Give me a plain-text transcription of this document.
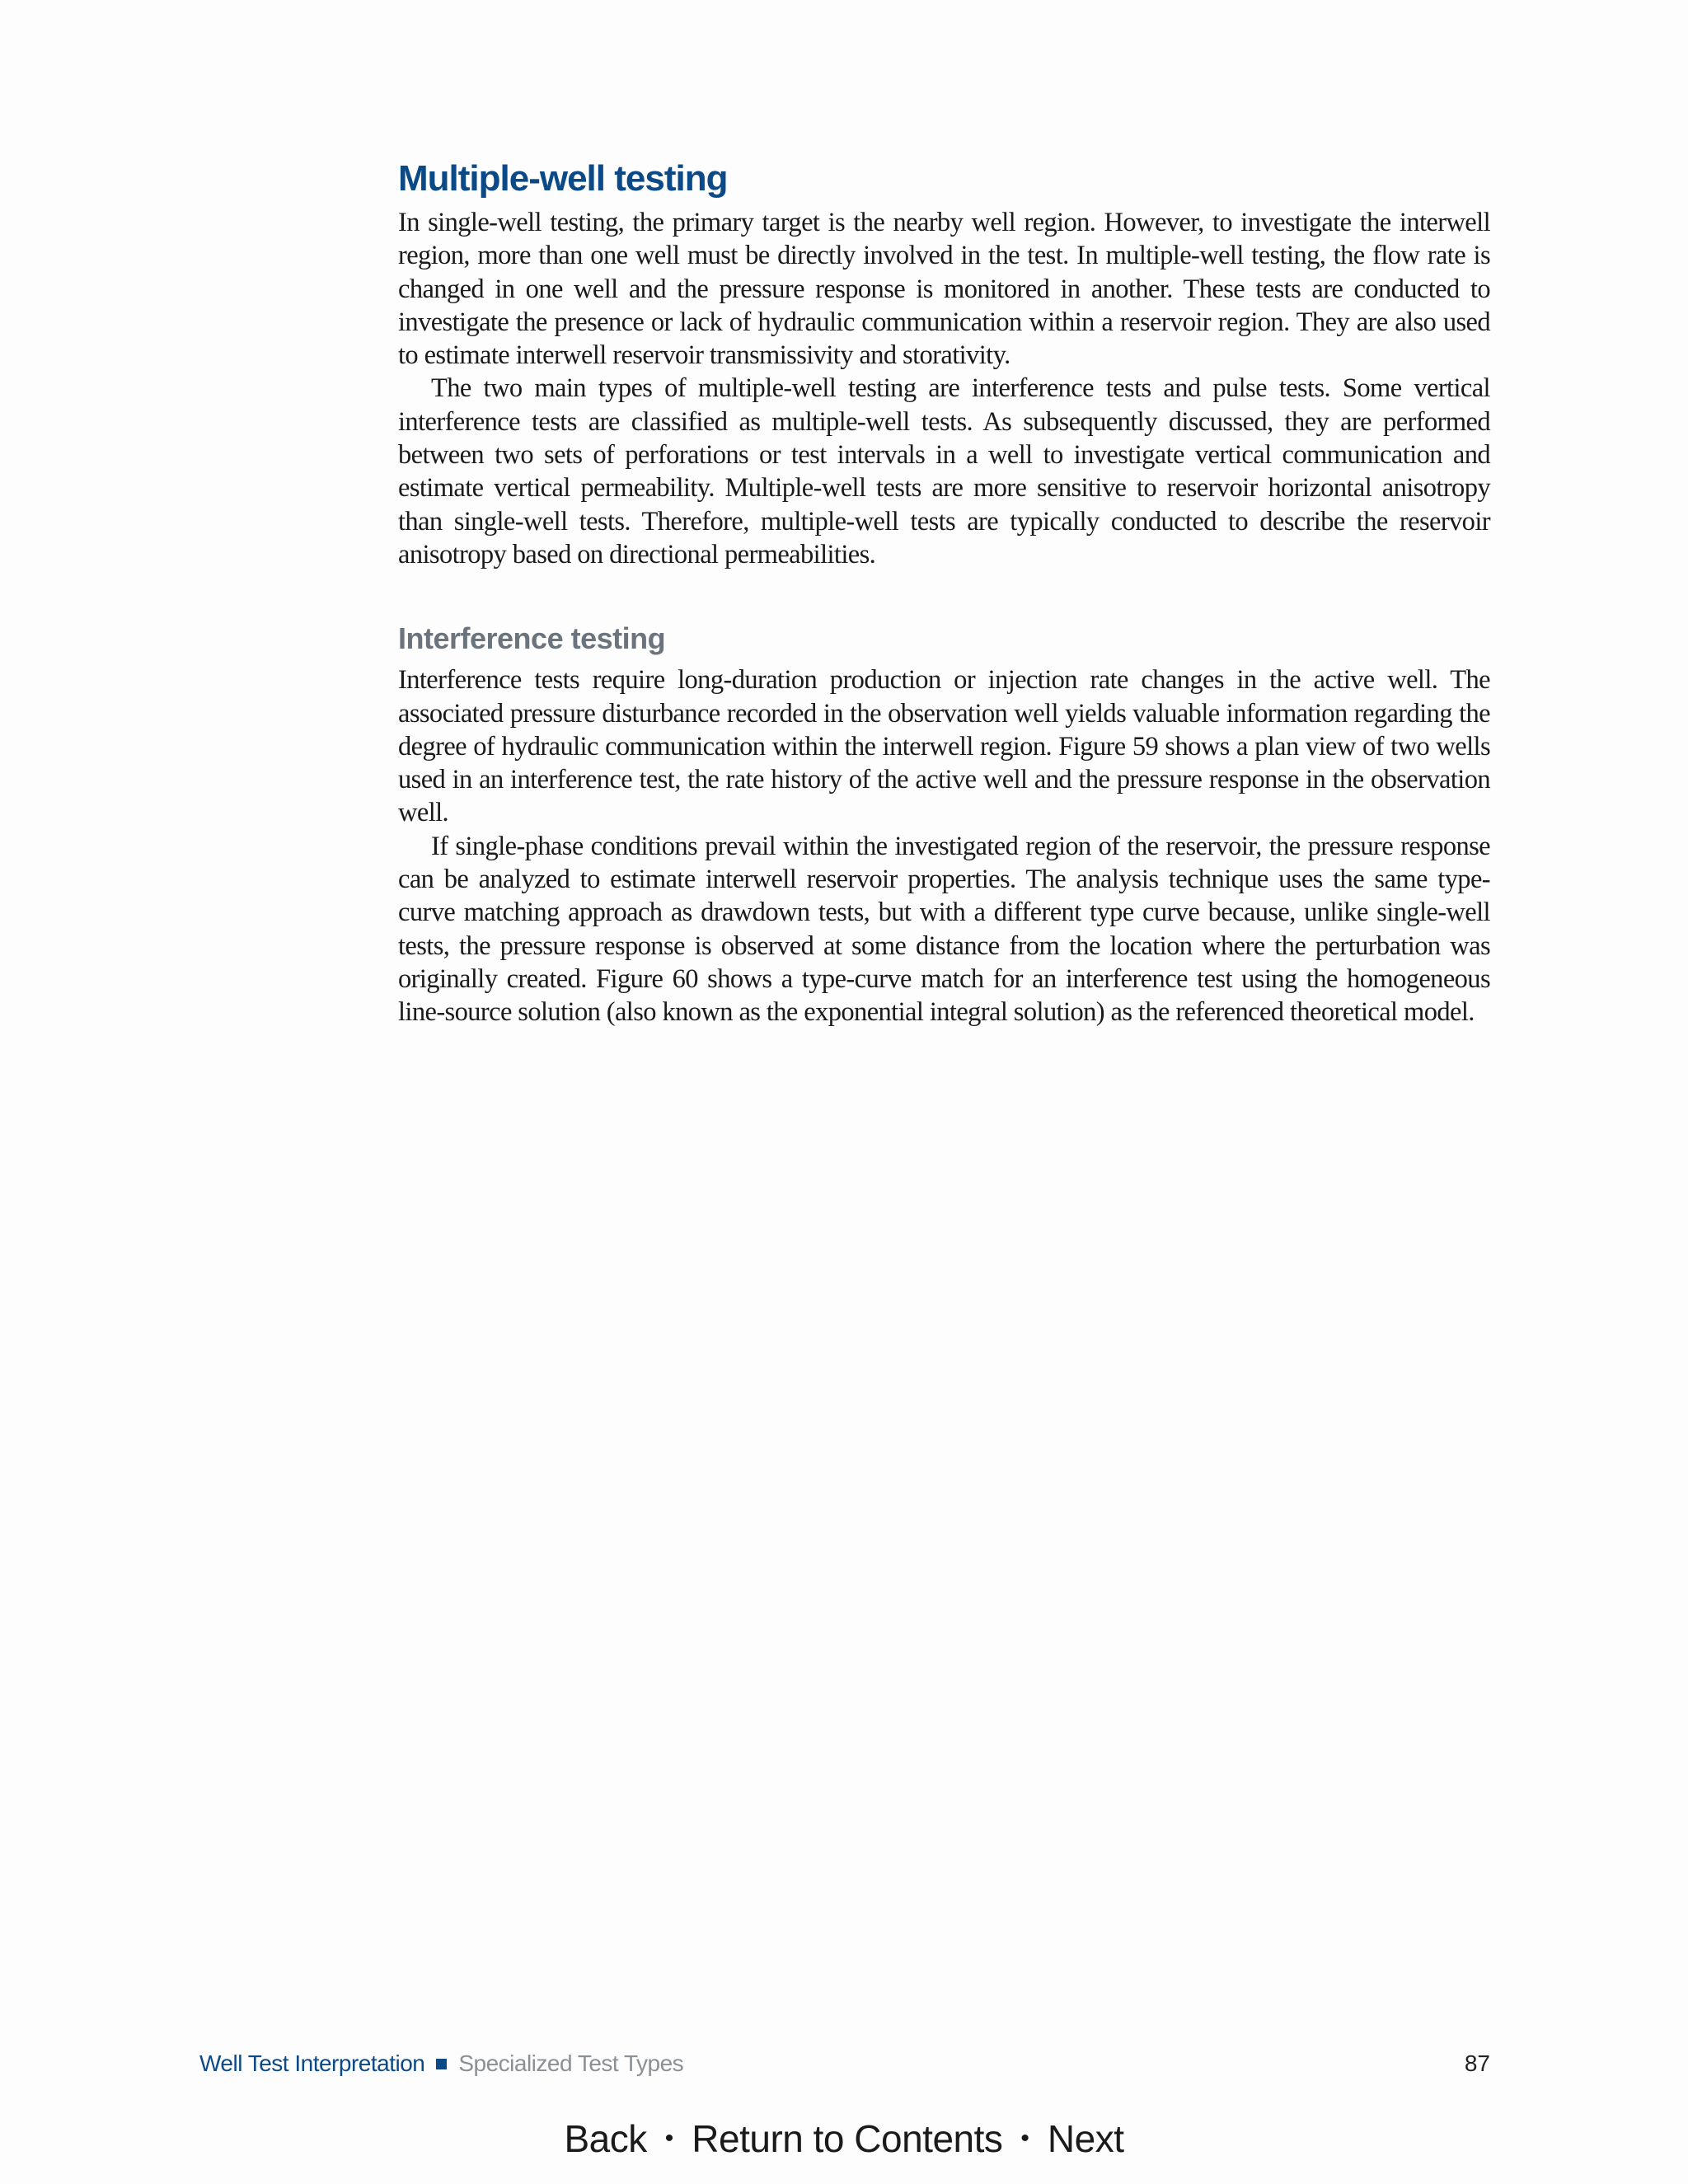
Multiple-well testing

In single-well testing, the primary target is the nearby well region. However, to investigate the interwell region, more than one well must be directly involved in the test. In multiple-well testing, the flow rate is changed in one well and the pressure response is monitored in another. These tests are conducted to investigate the presence or lack of hydraulic communication within a reservoir region. They are also used to estimate interwell reservoir transmissivity and storativity.

The two main types of multiple-well testing are interference tests and pulse tests. Some vertical interference tests are classified as multiple-well tests. As subsequently discussed, they are performed between two sets of perforations or test intervals in a well to investigate vertical communication and estimate vertical permeability. Multiple-well tests are more sensitive to reservoir horizontal anisotropy than single-well tests. Therefore, multiple-well tests are typically conducted to describe the reservoir anisotropy based on directional permeabilities.

Interference testing

Interference tests require long-duration production or injection rate changes in the active well. The associated pressure disturbance recorded in the observation well yields valuable information regarding the degree of hydraulic communication within the interwell region. Figure 59 shows a plan view of two wells used in an interference test, the rate history of the active well and the pressure response in the observation well.

If single-phase conditions prevail within the investigated region of the reservoir, the pressure response can be analyzed to estimate interwell reservoir properties. The analysis technique uses the same type-curve matching approach as drawdown tests, but with a different type curve because, unlike single-well tests, the pressure response is observed at some distance from the location where the perturbation was originally created. Figure 60 shows a type-curve match for an interference test using the homogeneous line-source solution (also known as the exponential integral solution) as the referenced theoretical model.

Well Test Interpretation Specialized Test Types	87
Back • Return to Contents • Next
